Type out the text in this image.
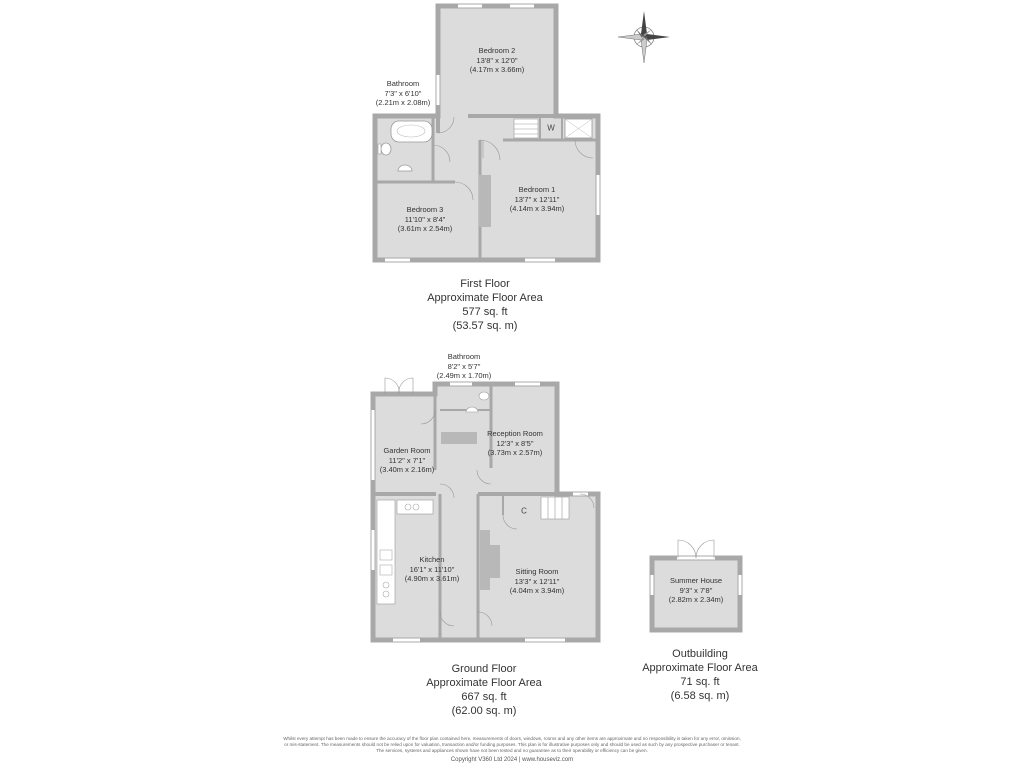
Bedroom 2
13'8" x 12'0"
(4.17m x 3.66m)
Bathroom
7'3" x 6'10"
(2.21m x 2.08m)
Bedroom 1
13'7" x 12'11"
(4.14m x 3.94m)
Bedroom 3
11'10" x 8'4"
(3.61m x 2.54m)
Bathroom
8'2" x 5'7"
(2.49m x 1.70m)
Reception Room
12'3" x 8'5"
(3.73m x 2.57m)
Garden Room
11'2" x 7'1"
(3.40m x 2.16m)
Kitchen
16'1" x 11'10"
(4.90m x 3.61m)
Sitting Room
13'3" x 12'11"
(4.04m x 3.94m)
Summer House
9'3" x 7'8"
(2.82m x 2.34m)
W
C
First Floor
Approximate Floor Area
577 sq. ft
(53.57 sq. m)
Ground Floor
Approximate Floor Area
667 sq. ft
(62.00 sq. m)
Outbuilding
Approximate Floor Area
71 sq. ft
(6.58 sq. m)
Whilst every attempt has been made to ensure the accuracy of the floor plan contained here, measurements of doors, windows, rooms and any other items are approximate and no responsibility is taken for any error, omission,
or mis-statement. The measurements should not be relied upon for valuation, transaction and/or funding purposes. This plan is for illustrative purposes only and should be used as such by any prospective purchaser or tenant.
The services, systems and appliances shown have not been tested and no guarantee as to their operability or efficiency can be given.
Copyright V360 Ltd 2024 | www.houseviz.com
